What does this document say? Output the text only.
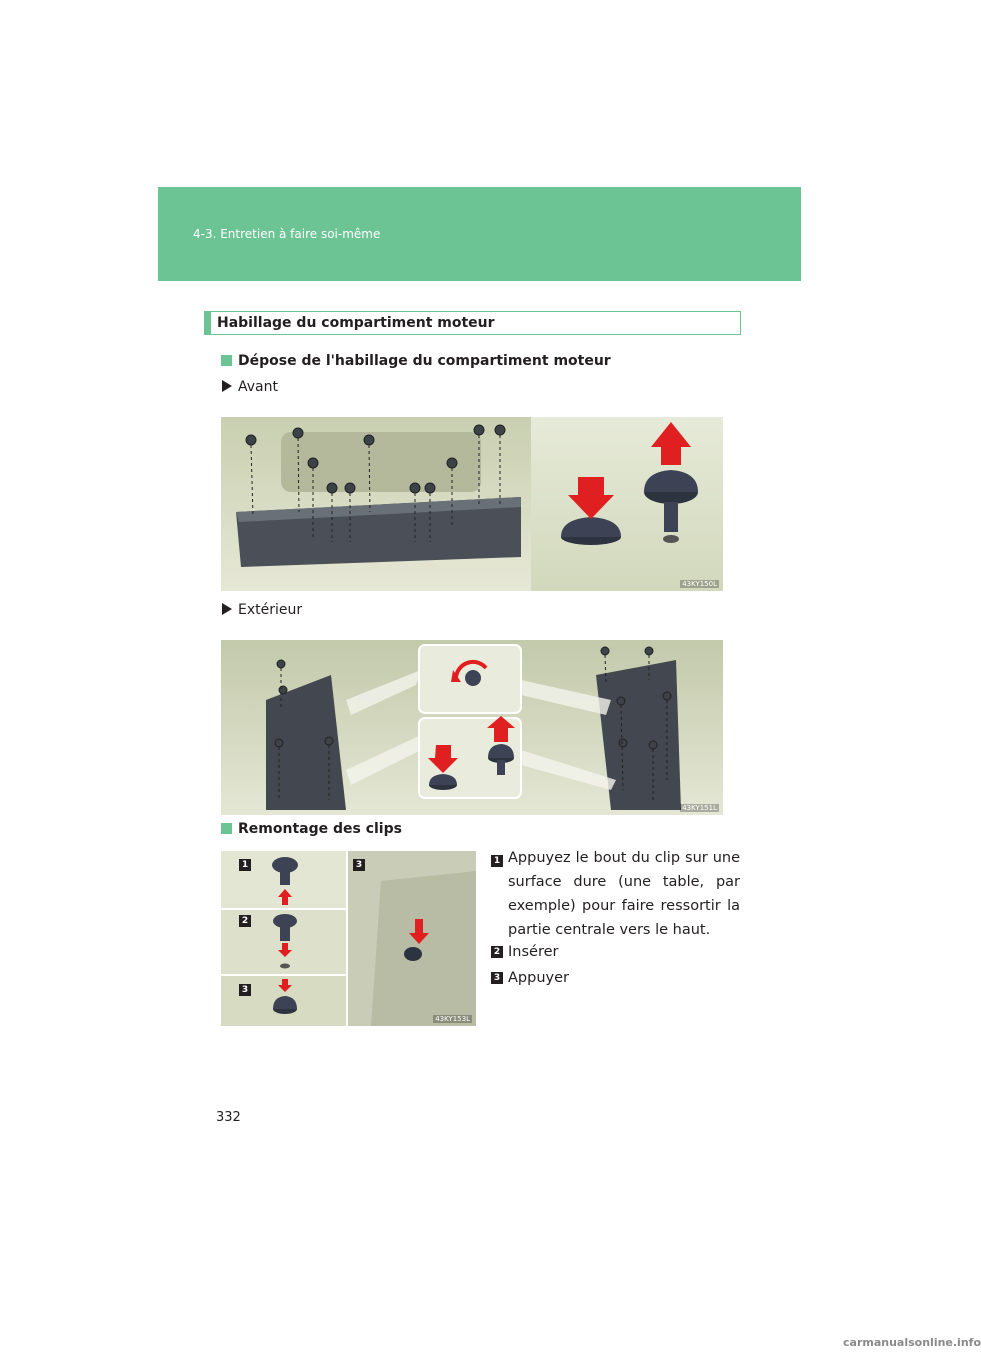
4-3. Entretien à faire soi-même
Habillage du compartiment moteur
Dépose de l'habillage du compartiment moteur
Avant
43KY150L
Extérieur
43KY151L
Remontage des clips
1
2
3
3
43KY153L
1 Appuyez le bout du clip sur une surface dure (une table, par exemple) pour faire ressortir la partie centrale vers le haut.
2 Insérer
3 Appuyer
332
carmanualsonline.info
